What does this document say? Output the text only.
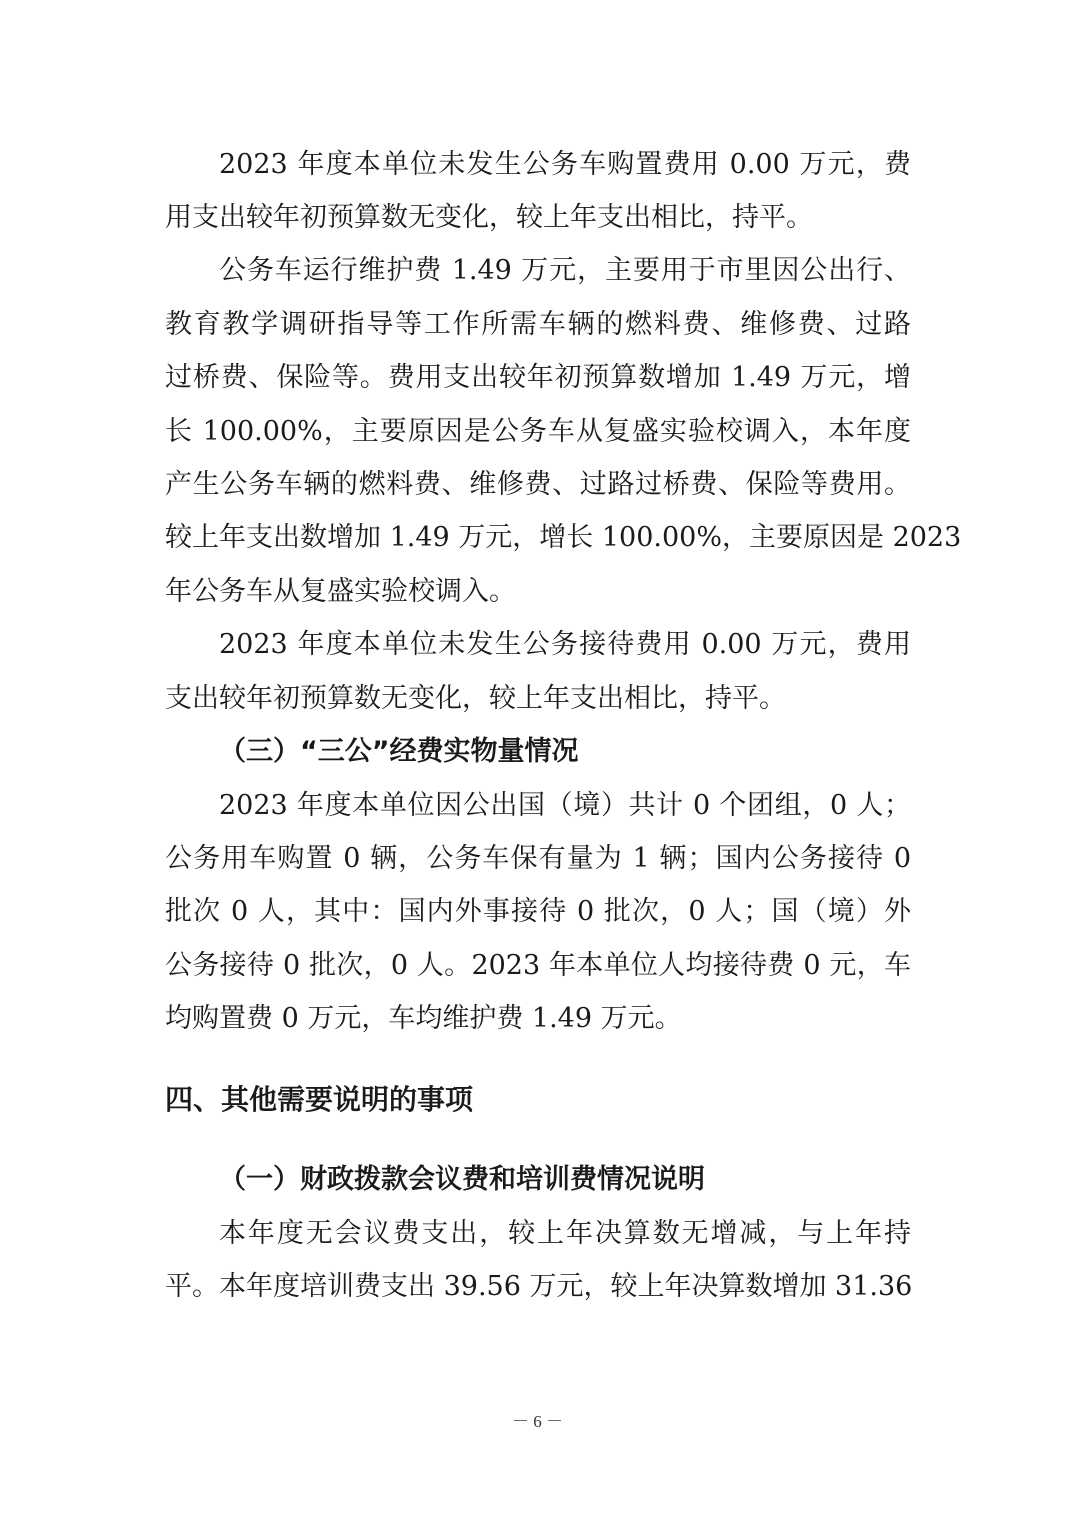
2023 年度本单位未发生公务车购置费用 0.00 万元，费
用支出较年初预算数无变化，较上年支出相比，持平。
公务车运行维护费 1.49 万元，主要用于市里因公出行、
教育教学调研指导等工作所需车辆的燃料费、维修费、过路
过桥费、保险等。费用支出较年初预算数增加 1.49 万元，增
长 100.00%，主要原因是公务车从复盛实验校调入，本年度
产生公务车辆的燃料费、维修费、过路过桥费、保险等费用。
较上年支出数增加 1.49 万元，增长 100.00%，主要原因是 2023
年公务车从复盛实验校调入。
2023 年度本单位未发生公务接待费用 0.00 万元，费用
支出较年初预算数无变化，较上年支出相比，持平。
（三）“三公”经费实物量情况
2023 年度本单位因公出国（境）共计 0 个团组，0 人；
公务用车购置 0 辆，公务车保有量为 1 辆；国内公务接待 0
批次 0 人，其中：国内外事接待 0 批次，0 人；国（境）外
公务接待 0 批次，0 人。2023 年本单位人均接待费 0 元，车
均购置费 0 万元，车均维护费 1.49 万元。
四、其他需要说明的事项
（一）财政拨款会议费和培训费情况说明
本年度无会议费支出，较上年决算数无增减，与上年持
平。本年度培训费支出 39.56 万元，较上年决算数增加 31.36
－ 6 －
